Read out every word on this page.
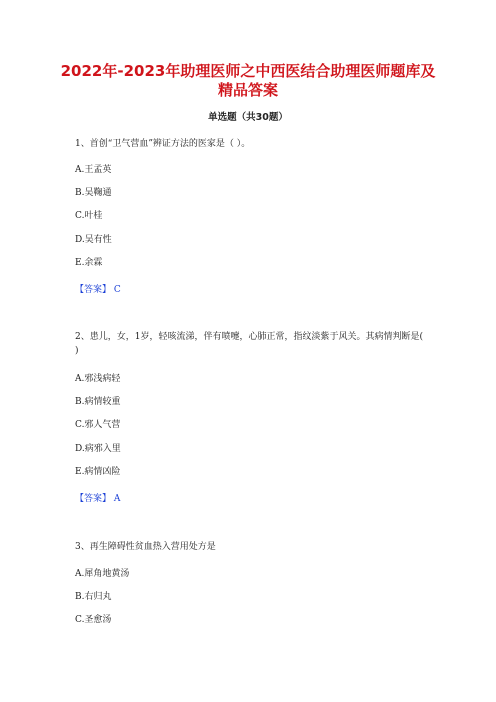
2022年-2023年助理医师之中西医结合助理医师题库及精品答案
单选题（共30题）
1、首创“卫气营血”辨证方法的医家是（ ）。
A.王孟英
B.吴鞠通
C.叶桂
D.吴有性
E.余霖
【答案】 C
2、患儿，女，1岁，轻咳流涕，伴有喷嚏，心肺正常，指纹淡紫于风关。其病情判断是( )
A.邪浅病轻
B.病情较重
C.邪人气营
D.病邪入里
E.病情凶险
【答案】 A
3、再生障碍性贫血热入营用处方是
A.犀角地黄汤
B.右归丸
C.圣愈汤
